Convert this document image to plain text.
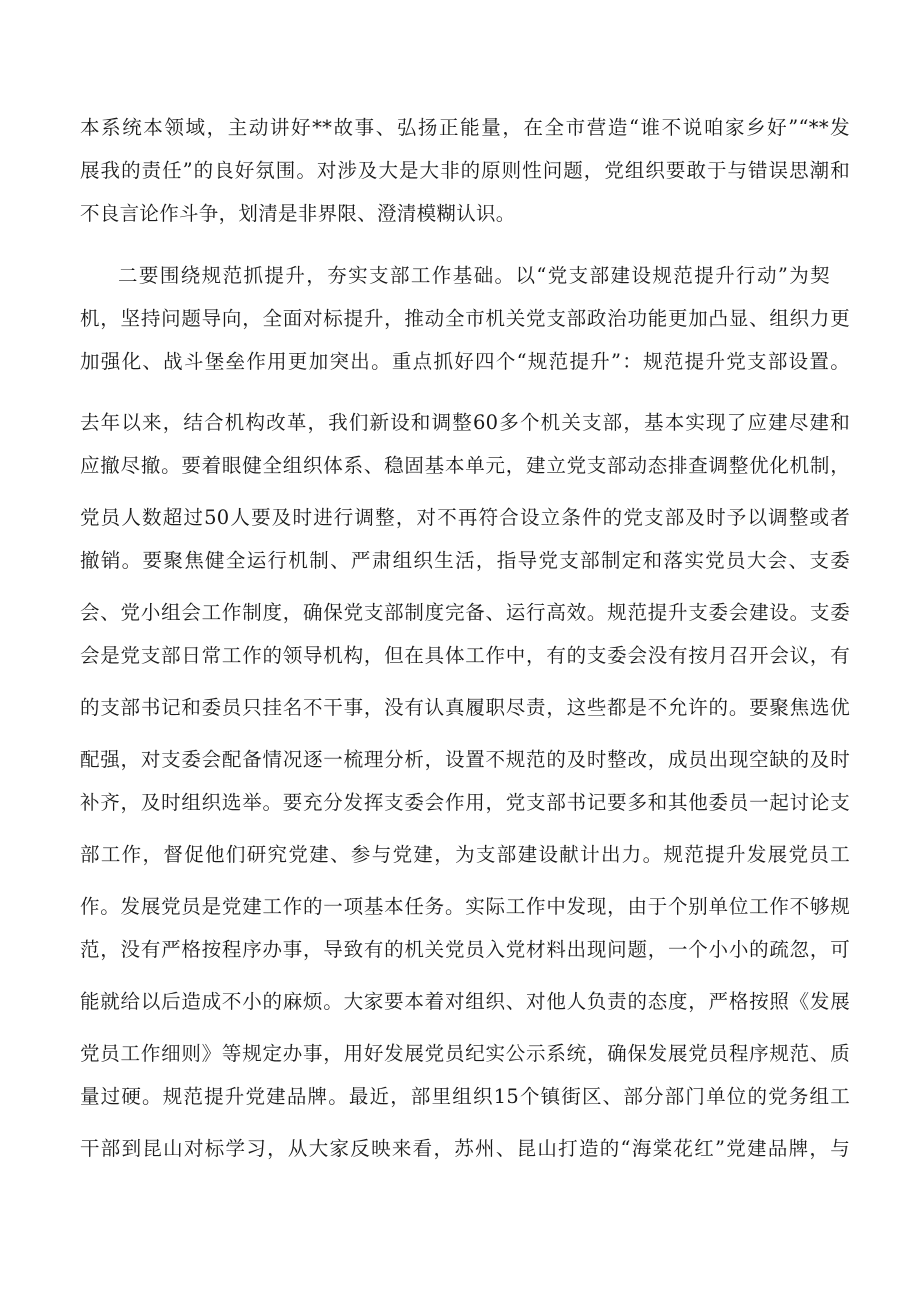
本系统本领域，主动讲好**故事、弘扬正能量，在全市营造“谁不说咱家乡好”“**发
展我的责任”的良好氛围。对涉及大是大非的原则性问题，党组织要敢于与错误思潮和
不良言论作斗争，划清是非界限、澄清模糊认识。
二要围绕规范抓提升，夯实支部工作基础。以“党支部建设规范提升行动”为契
机，坚持问题导向，全面对标提升，推动全市机关党支部政治功能更加凸显、组织力更
加强化、战斗堡垒作用更加突出。重点抓好四个“规范提升”：规范提升党支部设置。
去年以来，结合机构改革，我们新设和调整60多个机关支部，基本实现了应建尽建和
应撤尽撤。要着眼健全组织体系、稳固基本单元，建立党支部动态排查调整优化机制，
党员人数超过50人要及时进行调整，对不再符合设立条件的党支部及时予以调整或者
撤销。要聚焦健全运行机制、严肃组织生活，指导党支部制定和落实党员大会、支委
会、党小组会工作制度，确保党支部制度完备、运行高效。规范提升支委会建设。支委
会是党支部日常工作的领导机构，但在具体工作中，有的支委会没有按月召开会议，有
的支部书记和委员只挂名不干事，没有认真履职尽责，这些都是不允许的。要聚焦选优
配强，对支委会配备情况逐一梳理分析，设置不规范的及时整改，成员出现空缺的及时
补齐，及时组织选举。要充分发挥支委会作用，党支部书记要多和其他委员一起讨论支
部工作，督促他们研究党建、参与党建，为支部建设献计出力。规范提升发展党员工
作。发展党员是党建工作的一项基本任务。实际工作中发现，由于个别单位工作不够规
范，没有严格按程序办事，导致有的机关党员入党材料出现问题，一个小小的疏忽，可
能就给以后造成不小的麻烦。大家要本着对组织、对他人负责的态度，严格按照《发展
党员工作细则》等规定办事，用好发展党员纪实公示系统，确保发展党员程序规范、质
量过硬。规范提升党建品牌。最近，部里组织15个镇街区、部分部门单位的党务组工
干部到昆山对标学习，从大家反映来看，苏州、昆山打造的“海棠花红”党建品牌，与
